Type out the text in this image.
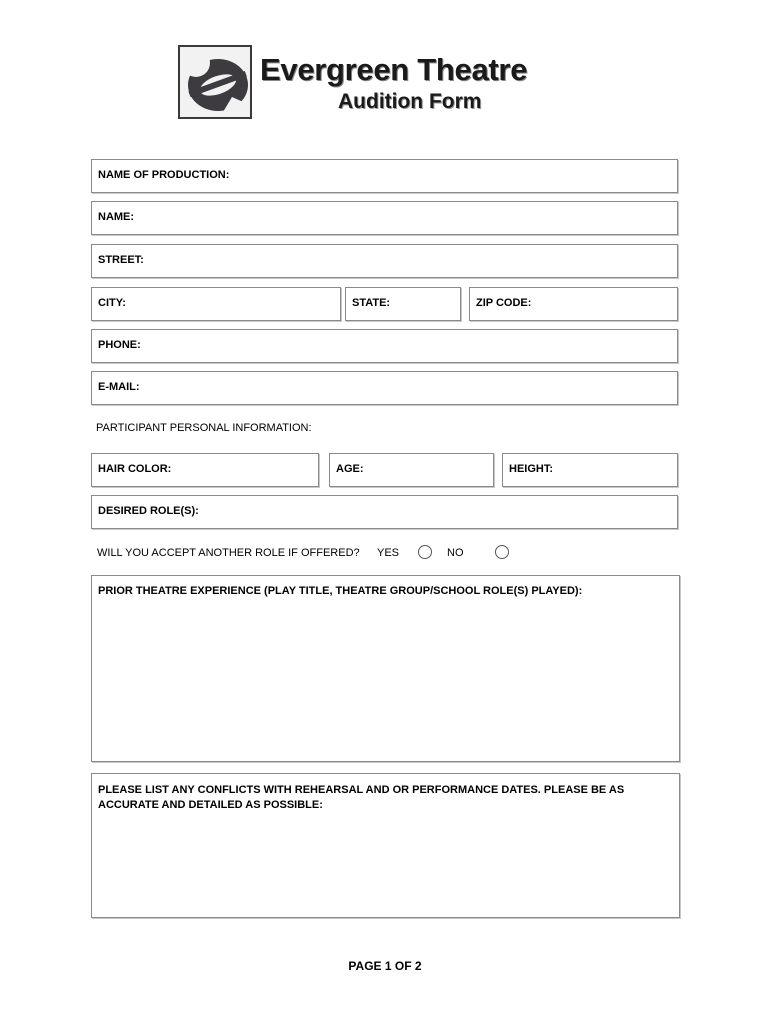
Evergreen Theatre
Audition Form
NAME OF PRODUCTION:
NAME:
STREET:
CITY:	STATE:	ZIP CODE:
PHONE:
E-MAIL:
PARTICIPANT PERSONAL INFORMATION:
HAIR COLOR:	AGE:	HEIGHT:
DESIRED ROLE(S):
WILL YOU ACCEPT ANOTHER ROLE IF OFFERED? YES	NO
PRIOR THEATRE EXPERIENCE (PLAY TITLE, THEATRE GROUP/SCHOOL ROLE(S) PLAYED):
PLEASE LIST ANY CONFLICTS WITH REHEARSAL AND OR PERFORMANCE DATES. PLEASE BE AS ACCURATE AND DETAILED AS POSSIBLE:
PAGE 1 OF 2
